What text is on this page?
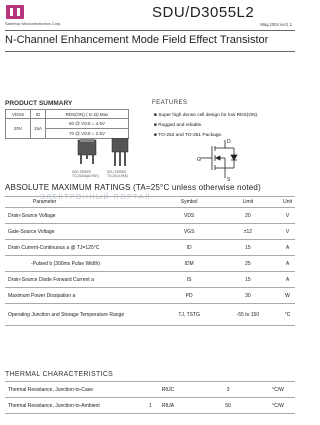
SamHop Microelectronics Corp.
SDU/D3055L2
May,2004 ver1.1
N-Channel Enhancement Mode Field Effect Transistor
PRODUCT SUMMARY
VDSS	ID	RDS(ON) ( m Ω) Max
20V	15A	60 @ VGS = 4.5V
		70 @ VGS = 2.5V
FEATURES
■ Super high dense cell design for low RDS(ON).
■ Rugged and reliable.
■ TO-252 and TO-251 Package.
G
D
S
SDD SERIES
TO-252AA(D-PAK)
SDU SERIES
TO-251(I-PAK)
ABSOLUTE MAXIMUM RATINGS (TA=25°C unless otherwise noted)
ЭЛЕКТРОННЫЙ ПОРТАЛ
Parameter	Symbol	Limit	Unit
Drain-Source Voltage	VDS	20	V
Gate-Source Voltage	VGS	±12	V
Drain Current-Continuous a @ TJ=125°C	ID	15	A
-Pulsed b (300ms Pulse Width)	IDM	25	A
Drain-Source Diode Forward Current a	IS	15	A
Maximum Power Dissipation a	PD	30	W
Operating Junction and Storage Temperature Range	TJ, TSTG	-55 to 150	°C
THERMAL CHARACTERISTICS
Thermal Resistance, Junction-to-Case	RθJC	3	°C/W
Thermal Resistance, Junction-to-Ambient	RθJA	50	°C/W
1
